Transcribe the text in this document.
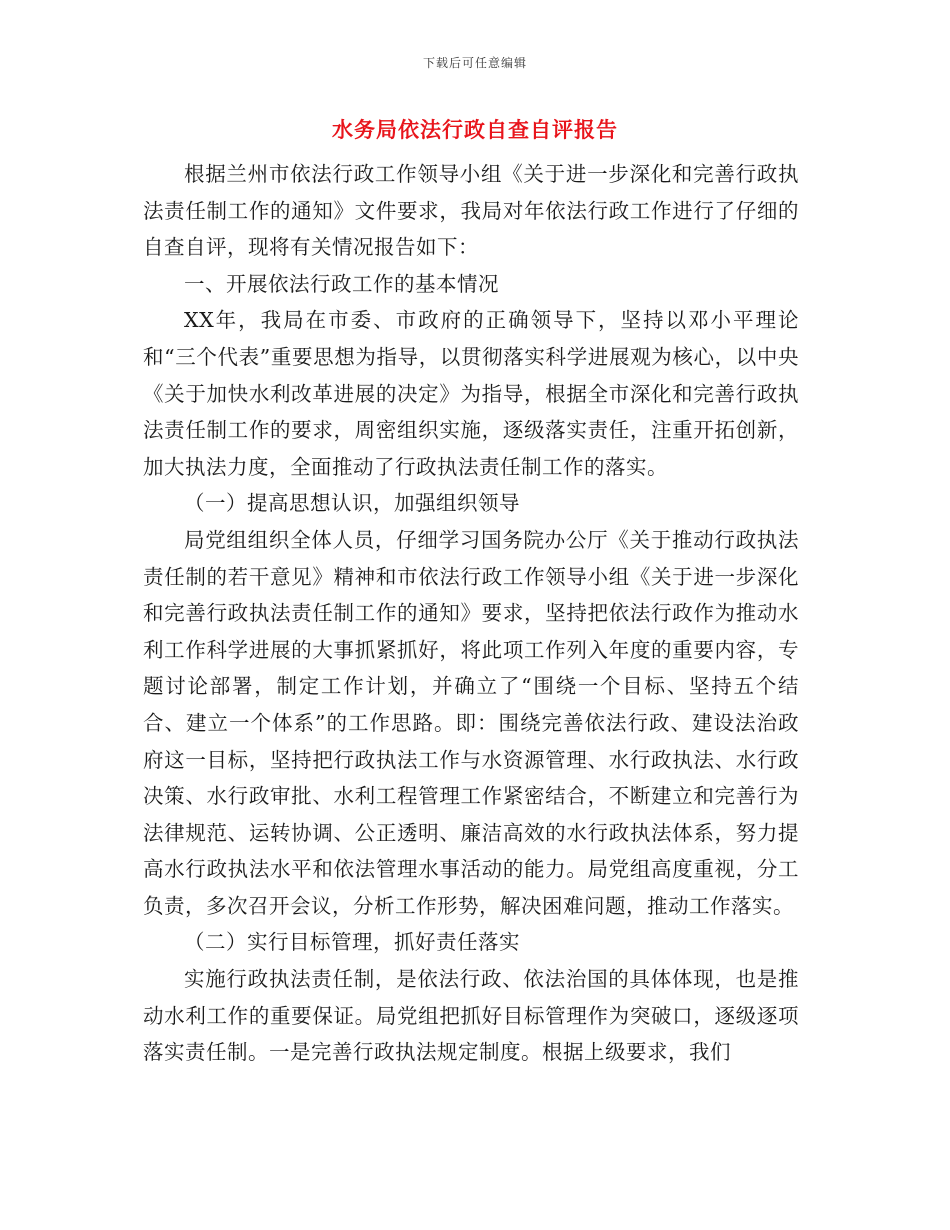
下载后可任意编辑
水务局依法行政自查自评报告

根据兰州市依法行政工作领导小组《关于进一步深化和完善行政执法责任制工作的通知》文件要求，我局对年依法行政工作进行了仔细的自查自评，现将有关情况报告如下：

一、开展依法行政工作的基本情况

XX年，我局在市委、市政府的正确领导下，坚持以邓小平理论和“三个代表”重要思想为指导，以贯彻落实科学进展观为核心，以中央《关于加快水利改革进展的决定》为指导，根据全市深化和完善行政执法责任制工作的要求，周密组织实施，逐级落实责任，注重开拓创新，加大执法力度，全面推动了行政执法责任制工作的落实。

（一）提高思想认识，加强组织领导

局党组组织全体人员，仔细学习国务院办公厅《关于推动行政执法责任制的若干意见》精神和市依法行政工作领导小组《关于进一步深化和完善行政执法责任制工作的通知》要求，坚持把依法行政作为推动水利工作科学进展的大事抓紧抓好，将此项工作列入年度的重要内容，专题讨论部署，制定工作计划，并确立了“围绕一个目标、坚持五个结合、建立一个体系”的工作思路。即：围绕完善依法行政、建设法治政府这一目标，坚持把行政执法工作与水资源管理、水行政执法、水行政决策、水行政审批、水利工程管理工作紧密结合，不断建立和完善行为法律规范、运转协调、公正透明、廉洁高效的水行政执法体系，努力提高水行政执法水平和依法管理水事活动的能力。局党组高度重视，分工负责，多次召开会议，分析工作形势，解决困难问题，推动工作落实。

（二）实行目标管理，抓好责任落实

实施行政执法责任制，是依法行政、依法治国的具体体现，也是推动水利工作的重要保证。局党组把抓好目标管理作为突破口，逐级逐项落实责任制。一是完善行政执法规定制度。根据上级要求，我们
